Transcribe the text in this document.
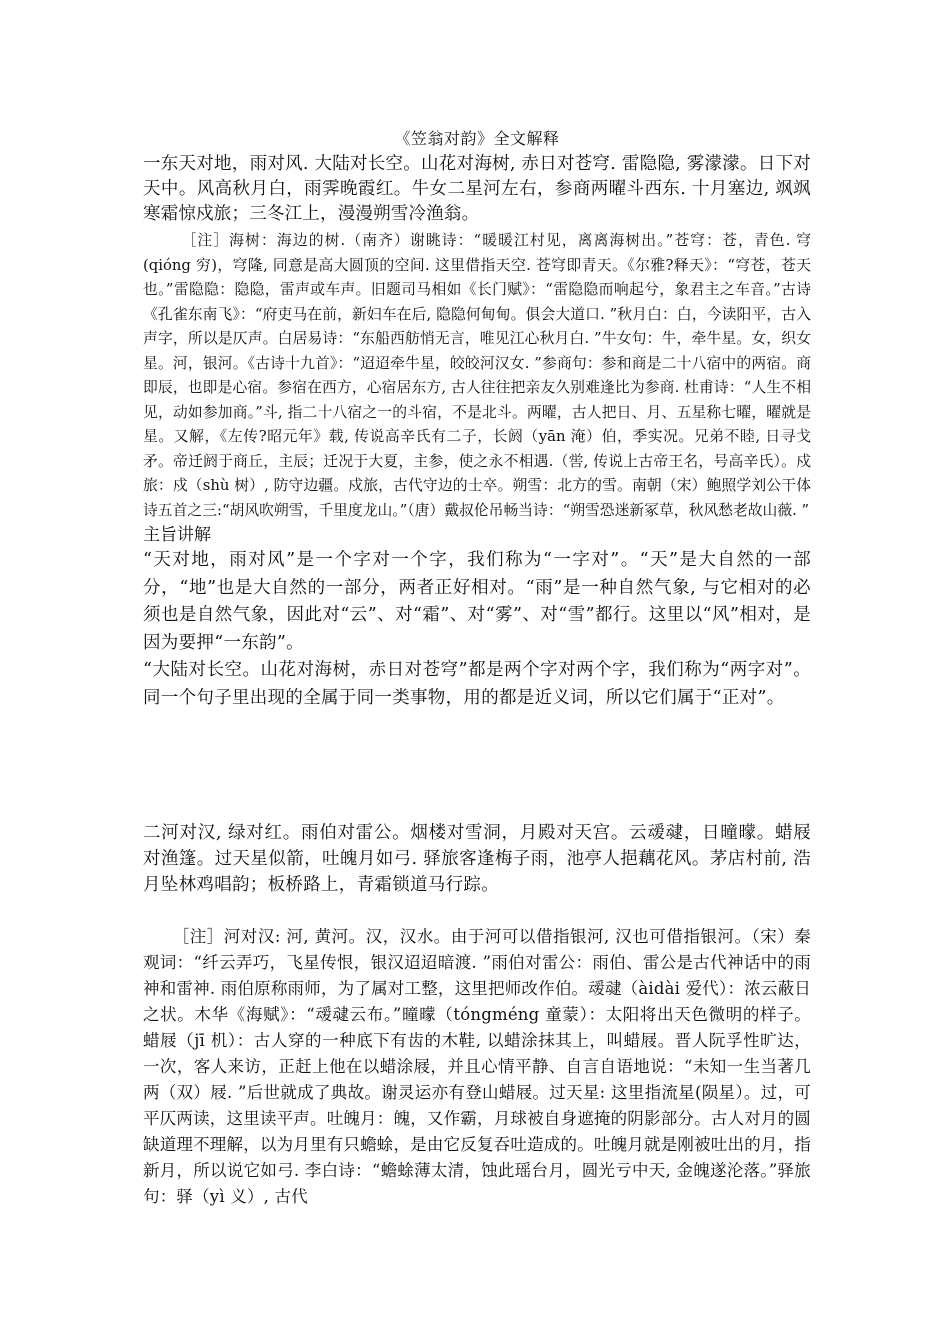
《笠翁对韵》全文解释

一东天对地，雨对风. 大陆对长空。山花对海树, 赤日对苍穹. 雷隐隐, 雾濛濛。日下对天中。风高秋月白，雨霁晚霞红。牛女二星河左右，参商两曜斗西东. 十月塞边, 飒飒寒霜惊戍旅；三冬江上，漫漫朔雪冷渔翁。

［注］海树：海边的树.（南齐）谢眺诗：“暖暖江村见，离离海树出。”苍穹：苍，青色. 穹(qióng 穷)，穹隆, 同意是高大圆顶的空间. 这里借指天空. 苍穹即青天。《尔雅?释天》：“穹苍，苍天也。”雷隐隐：隐隐，雷声或车声。旧题司马相如《长门赋》：“雷隐隐而响起兮，象君主之车音。”古诗《孔雀东南飞》：“府吏马在前，新妇车在后, 隐隐何甸甸。俱会大道口. ”秋月白：白，今读阳平，古入声字，所以是仄声。白居易诗：“东船西舫悄无言，唯见江心秋月白. ”牛女句：牛，牵牛星。女，织女星。河，银河。《古诗十九首》：“迢迢牵牛星，皎皎河汉女. ”参商句：参和商是二十八宿中的两宿。商即辰，也即是心宿。参宿在西方，心宿居东方, 古人往往把亲友久别难逢比为参商. 杜甫诗：“人生不相见，动如参加商。”斗, 指二十八宿之一的斗宿，不是北斗。两曜，古人把日、月、五星称七曜，曜就是星。又解，《左传?昭元年》载, 传说高辛氏有二子，长阏（yān 淹）伯，季实况。兄弟不睦, 日寻戈矛。帝迁阏于商丘，主辰；迁况于大夏，主参，使之永不相遇.（喾, 传说上古帝王名，号高辛氏）。戍旅：戍（shù 树）, 防守边疆。戍旅，古代守边的士卒。朔雪：北方的雪。南朝（宋）鲍照学刘公干体诗五首之三:“胡风吹朔雪，千里度龙山。”（唐）戴叔伦吊畅当诗：“朔雪恐迷新冢草，秋风愁老故山薇. ”

主旨讲解

“天对地，雨对风”是一个字对一个字，我们称为“一字对”。“天”是大自然的一部分，“地”也是大自然的一部分，两者正好相对。“雨”是一种自然气象, 与它相对的必须也是自然气象，因此对“云”、对“霜”、对“雾”、对“雪”都行。这里以“风”相对，是因为要押“一东韵”。

“大陆对长空。山花对海树，赤日对苍穹”都是两个字对两个字，我们称为“两字对”。同一个句子里出现的全属于同一类事物，用的都是近义词，所以它们属于“正对”。

二河对汉, 绿对红。雨伯对雷公。烟楼对雪洞，月殿对天宫。云叆叇，日曈曚。蜡屐对渔篷。过天星似箭，吐魄月如弓. 驿旅客逢梅子雨，池亭人挹藕花风。茅店村前, 浩月坠林鸡唱韵；板桥路上，青霜锁道马行踪。

［注］河对汉: 河, 黄河。汉，汉水。由于河可以借指银河, 汉也可借指银河。（宋）秦观词：“纤云弄巧，飞星传恨，银汉迢迢暗渡. ”雨伯对雷公：雨伯、雷公是古代神话中的雨神和雷神. 雨伯原称雨师，为了属对工整，这里把师改作伯。叆叇（àidài 爱代）：浓云蔽日之状。木华《海赋》：“叆叇云布。”曈曚（tóngméng 童蒙）：太阳将出天色微明的样子。蜡屐（jī 机）：古人穿的一种底下有齿的木鞋, 以蜡涂抹其上，叫蜡屐。晋人阮孚性旷达，一次，客人来访，正赶上他在以蜡涂屐，并且心情平静、自言自语地说：“未知一生当著几两（双）屐. ”后世就成了典故。谢灵运亦有登山蜡屐。过天星: 这里指流星(陨星）。过，可平仄两读，这里读平声。吐魄月：魄，又作霸，月球被自身遮掩的阴影部分。古人对月的圆缺道理不理解，以为月里有只蟾蜍，是由它反复吞吐造成的。吐魄月就是刚被吐出的月，指新月，所以说它如弓. 李白诗：“蟾蜍薄太清，蚀此瑶台月，圆光亏中天, 金魄遂沦落。”驿旅句：驿（yì 义）, 古代
